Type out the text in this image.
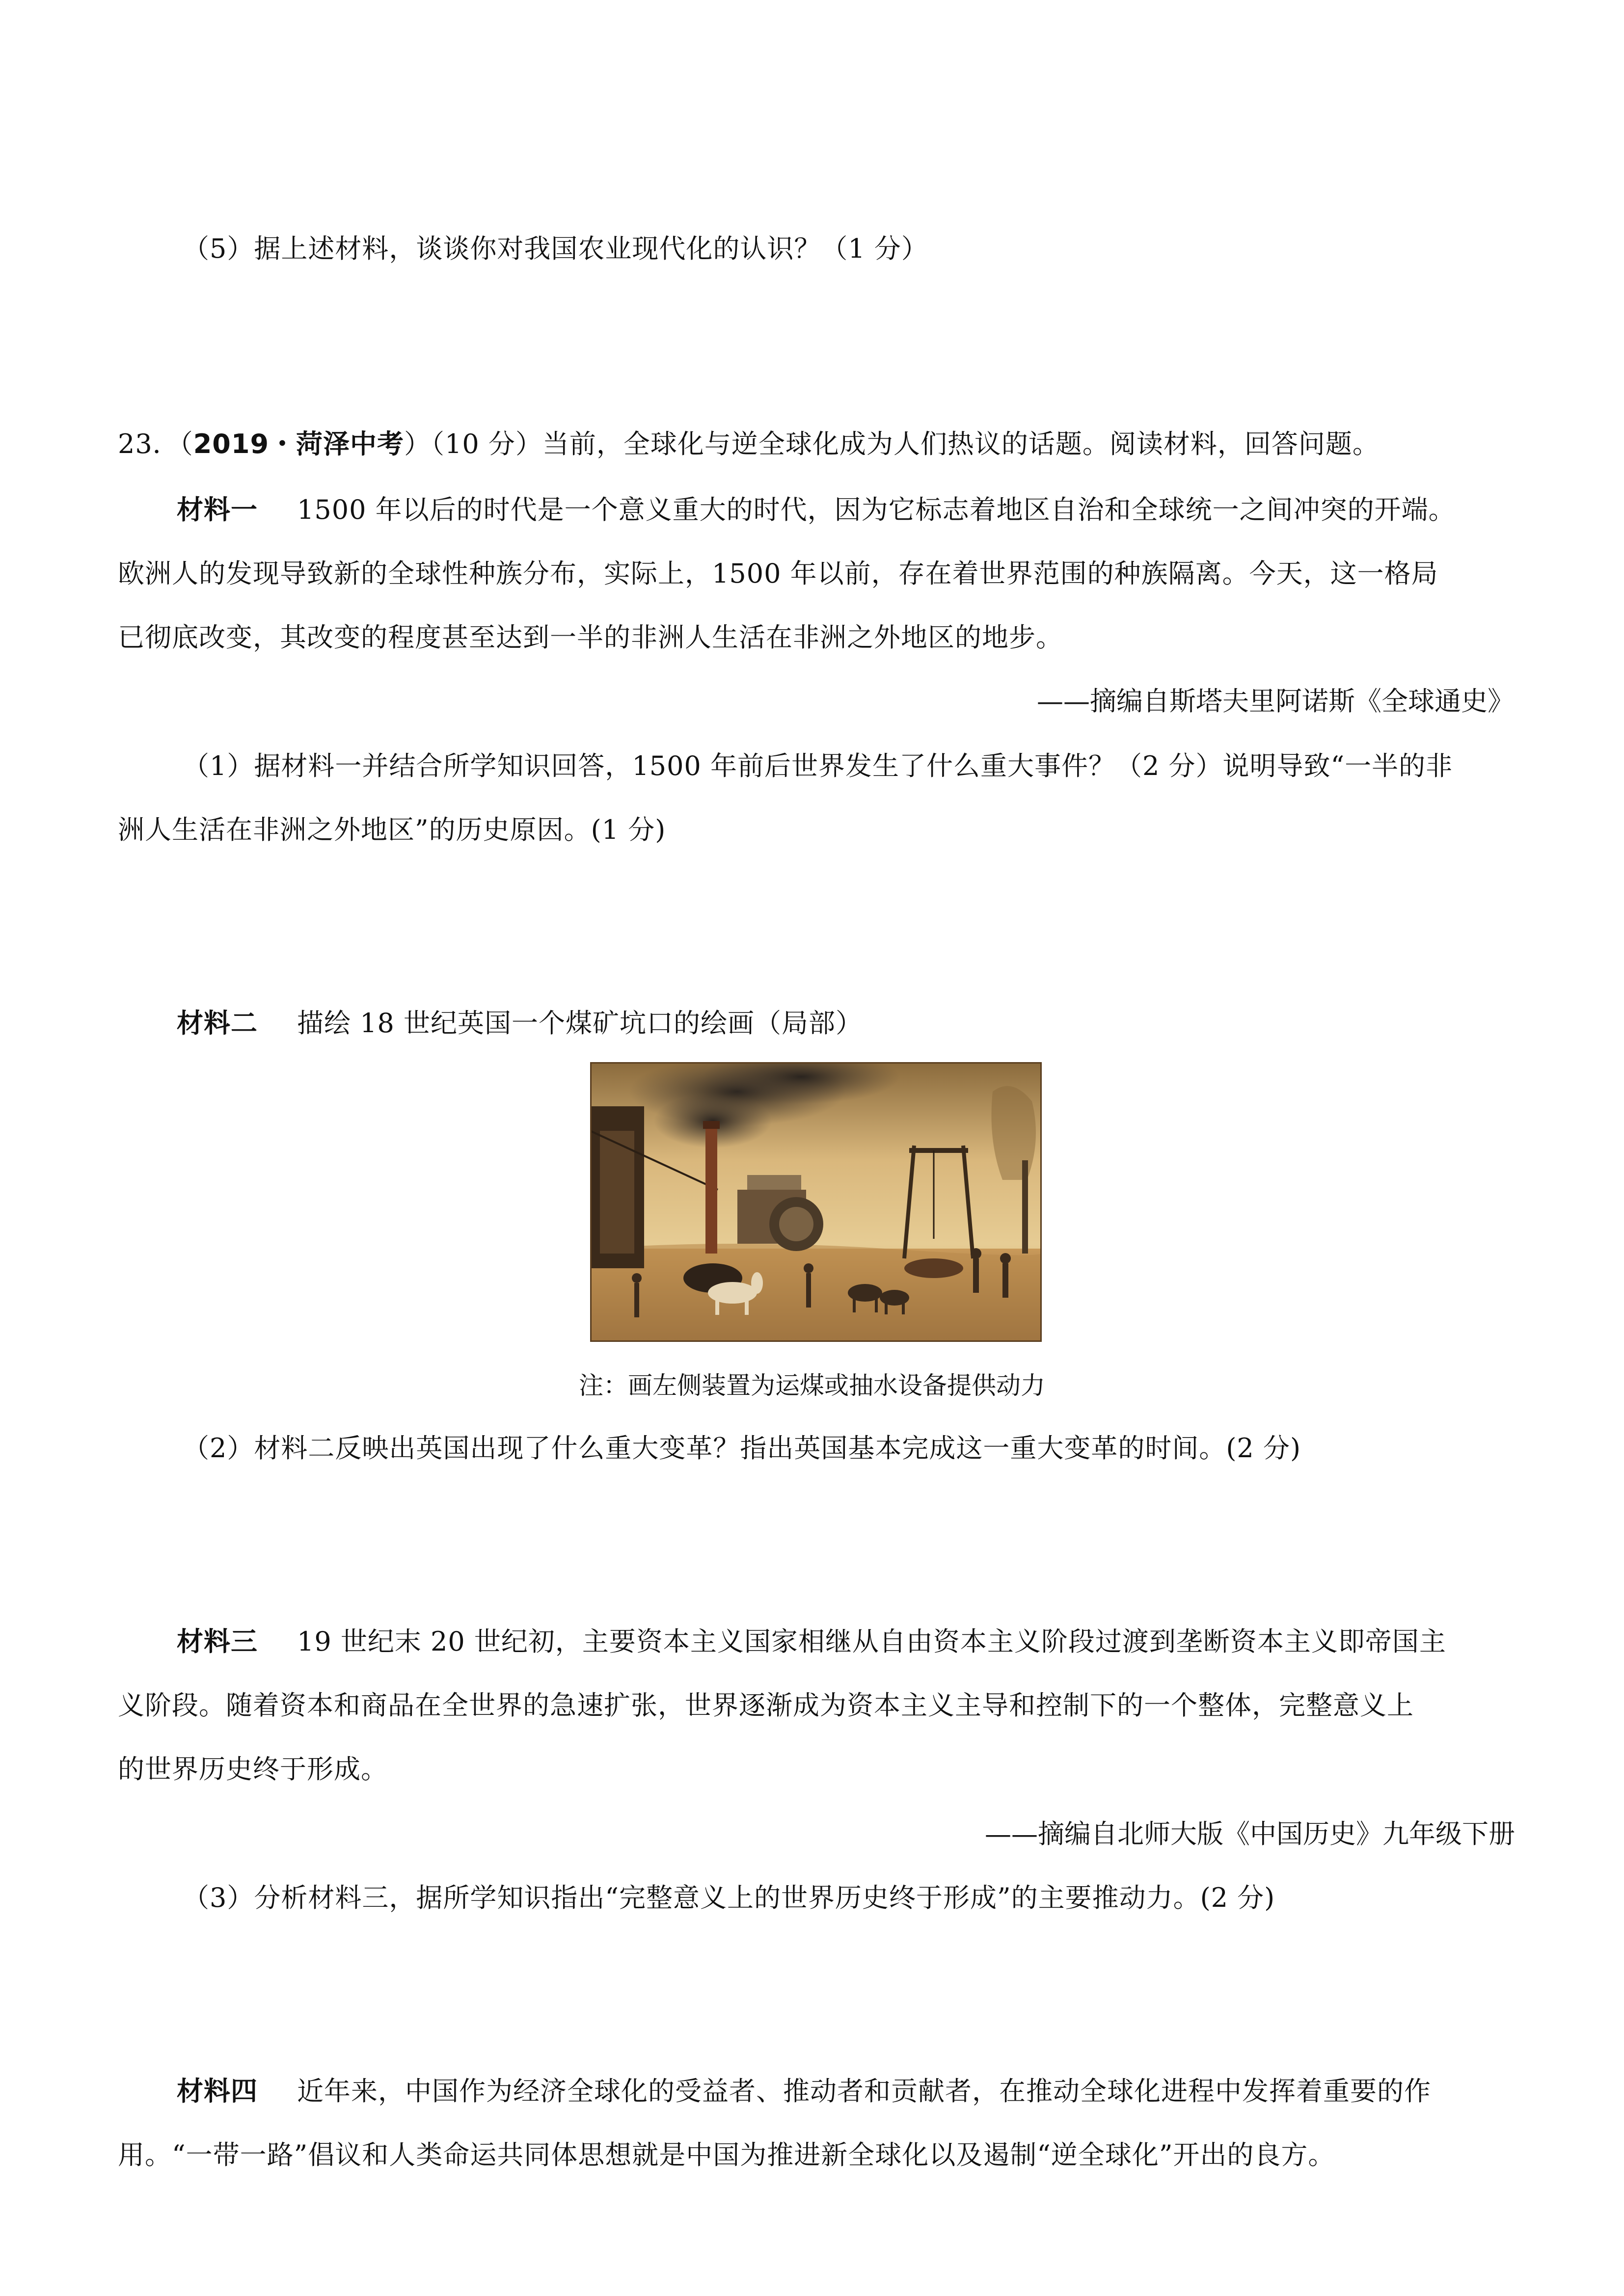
（5）据上述材料，谈谈你对我国农业现代化的认识？（1 分）
23．（2019・菏泽中考）（10 分）当前，全球化与逆全球化成为人们热议的话题。阅读材料，回答问题。
材料一 1500 年以后的时代是一个意义重大的时代，因为它标志着地区自治和全球统一之间冲突的开端。
欧洲人的发现导致新的全球性种族分布，实际上，1500 年以前，存在着世界范围的种族隔离。今天，这一格局
已彻底改变，其改变的程度甚至达到一半的非洲人生活在非洲之外地区的地步。
——摘编自斯塔夫里阿诺斯《全球通史》
（1）据材料一并结合所学知识回答，1500 年前后世界发生了什么重大事件？（2 分）说明导致“一半的非
洲人生活在非洲之外地区”的历史原因。(1 分)
材料二 描绘 18 世纪英国一个煤矿坑口的绘画（局部）
注：画左侧装置为运煤或抽水设备提供动力
（2）材料二反映出英国出现了什么重大变革？指出英国基本完成这一重大变革的时间。(2 分)
材料三 19 世纪末 20 世纪初，主要资本主义国家相继从自由资本主义阶段过渡到垄断资本主义即帝国主
义阶段。随着资本和商品在全世界的急速扩张，世界逐渐成为资本主义主导和控制下的一个整体，完整意义上
的世界历史终于形成。
——摘编自北师大版《中国历史》九年级下册
（3）分析材料三，据所学知识指出“完整意义上的世界历史终于形成”的主要推动力。(2 分)
材料四 近年来，中国作为经济全球化的受益者、推动者和贡献者，在推动全球化进程中发挥着重要的作
用。“一带一路”倡议和人类命运共同体思想就是中国为推进新全球化以及遏制“逆全球化”开出的良方。
